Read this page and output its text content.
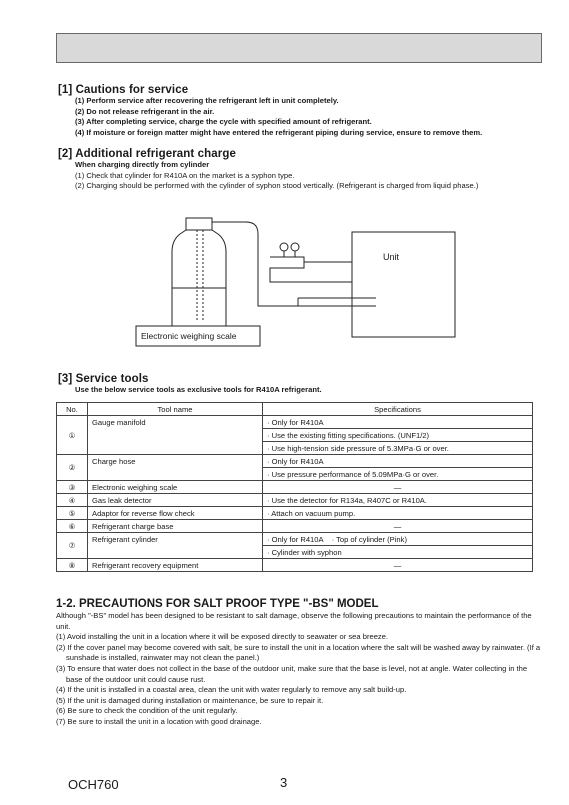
[1] Cautions for service
(1) Perform service after recovering the refrigerant left in unit completely.
(2) Do not release refrigerant in the air.
(3) After completing service, charge the cycle with specified amount of refrigerant.
(4) If moisture or foreign matter might have entered the refrigerant piping during service, ensure to remove them.
[2] Additional refrigerant charge
When charging directly from cylinder
(1) Check that cylinder for R410A on the market is a syphon type.
(2) Charging should be performed with the cylinder of syphon stood vertically. (Refrigerant is charged from liquid phase.)
Unit
Electronic weighing scale
[3] Service tools
Use the below service tools as exclusive tools for R410A refrigerant.
No.	Tool name	Specifications
①	Gauge manifold	· Only for R410A
		· Use the existing fitting specifications. (UNF1/2)
		· Use high-tension side pressure of 5.3MPa·G or over.
②	Charge hose	· Only for R410A
		· Use pressure performance of 5.09MPa·G or over.
③	Electronic weighing scale	—
④	Gas leak detector	· Use the detector for R134a, R407C or R410A.
⑤	Adaptor for reverse flow check	· Attach on vacuum pump.
⑥	Refrigerant charge base	—
⑦	Refrigerant cylinder	· Only for R410A    · Top of cylinder (Pink)
		· Cylinder with syphon
⑧	Refrigerant recovery equipment	—
1-2. PRECAUTIONS FOR SALT PROOF TYPE "-BS" MODEL
Although "-BS" model has been designed to be resistant to salt damage, observe the following precautions to maintain the performance of the unit.
(1) Avoid installing the unit in a location where it will be exposed directly to seawater or sea breeze.
(2) If the cover panel may become covered with salt, be sure to install the unit in a location where the salt will be washed away by rainwater. (If a sunshade is installed, rainwater may not clean the panel.)
(3) To ensure that water does not collect in the base of the outdoor unit, make sure that the base is level, not at angle. Water collecting in the base of the outdoor unit could cause rust.
(4) If the unit is installed in a coastal area, clean the unit with water regularly to remove any salt build-up.
(5) If the unit is damaged during installation or maintenance, be sure to repair it.
(6) Be sure to check the condition of the unit regularly.
(7) Be sure to install the unit in a location with good drainage.
OCH760	3
